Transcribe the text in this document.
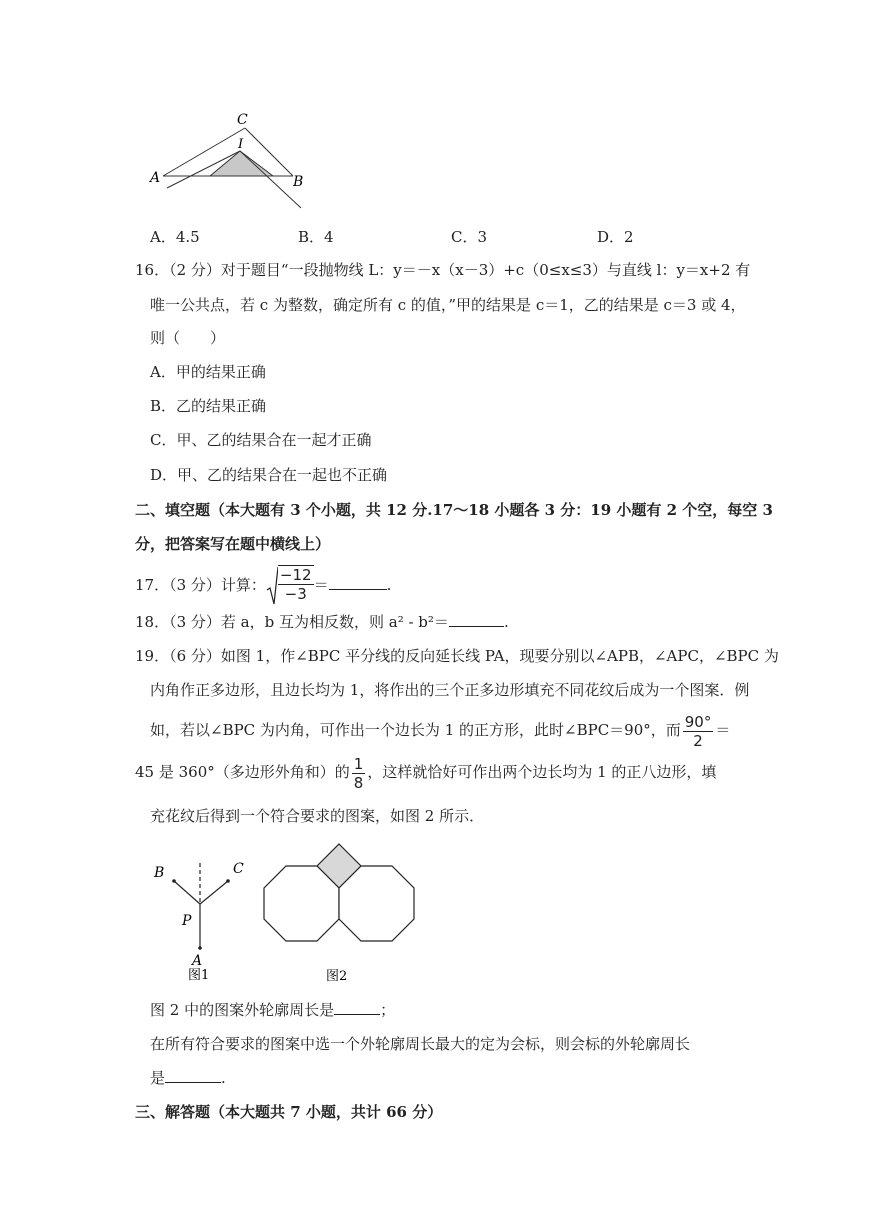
C
I
A	B
A．4.5	B．4	C．3	D．2
16．（2 分）对于题目“一段抛物线 L：y＝－x（x－3）+c（0≤x≤3）与直线 l：y＝x+2 有
唯一公共点，若 c 为整数，确定所有 c 的值，”甲的结果是 c＝1，乙的结果是 c＝3 或 4，
则（　　）
A．甲的结果正确
B．乙的结果正确
C．甲、乙的结果合在一起才正确
D．甲、乙的结果合在一起也不正确
二、填空题（本大题有 3 个小题，共 12 分.17～18 小题各 3 分：19 小题有 2 个空，每空 3
分，把答案写在题中横线上）
17．（3 分）计算： $\frac{-12}{-3}$ ＝	.
18．（3 分）若 a，b 互为相反数，则 a² - b²＝	.
19．（6 分）如图 1，作∠BPC 平分线的反向延长线 PA，现要分别以∠APB，∠APC，∠BPC 为
内角作正多边形，且边长均为 1，将作出的三个正多边形填充不同花纹后成为一个图案．例
如，若以∠BPC 为内角，可作出一个边长为 1 的正方形，此时∠BPC＝90°，而 $\frac{90^\circ}{2}$ ＝
45 是 360°（多边形外角和）的 $\frac{1}{8}$ ，这样就恰好可作出两个边长均为 1 的正八边形，填
充花纹后得到一个符合要求的图案，如图 2 所示．
B	C
P
A
图1	图2
图 2 中的图案外轮廓周长是	；
在所有符合要求的图案中选一个外轮廓周长最大的定为会标，则会标的外轮廓周长
是	.
三、解答题（本大题共 7 小题，共计 66 分）
